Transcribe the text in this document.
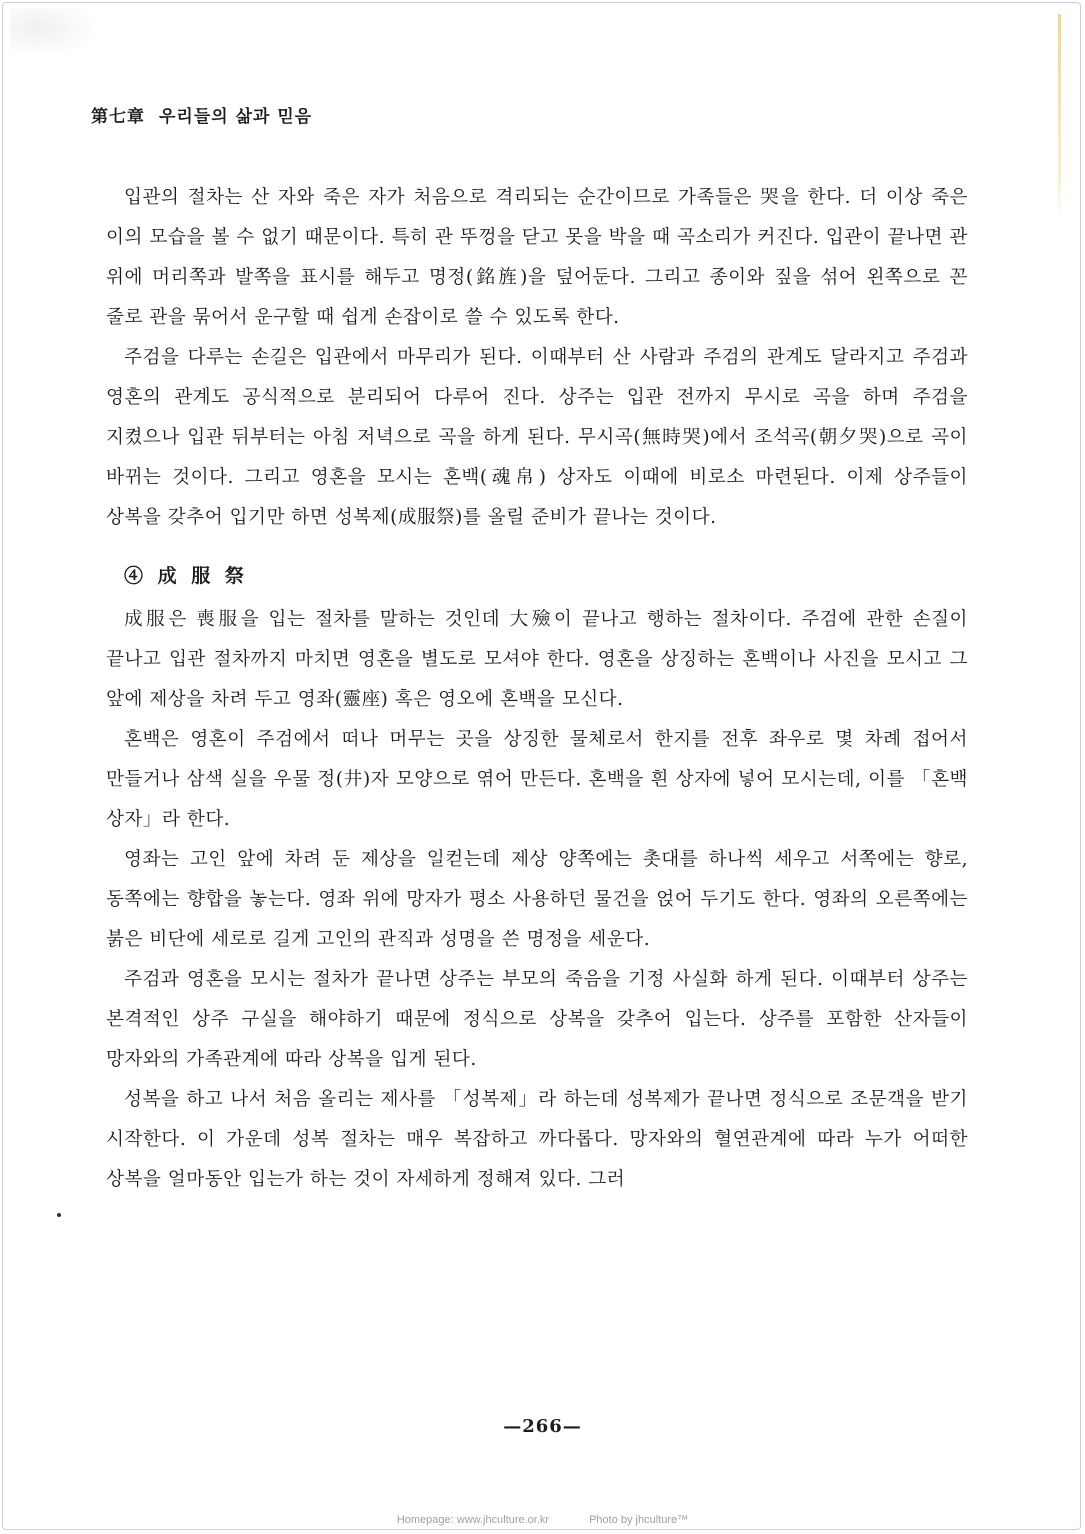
第七章 우리들의 삶과 믿음

입관의 절차는 산 자와 죽은 자가 처음으로 격리되는 순간이므로 가족들은 哭을 한다. 더 이상 죽은 이의 모습을 볼 수 없기 때문이다. 특히 관 뚜껑을 닫고 못을 박을 때 곡소리가 커진다. 입관이 끝나면 관 위에 머리쪽과 발쪽을 표시를 해두고 명정(銘旌)을 덮어둔다. 그리고 종이와 짚을 섞어 왼쪽으로 꼰 줄로 관을 묶어서 운구할 때 쉽게 손잡이로 쓸 수 있도록 한다.

주검을 다루는 손길은 입관에서 마무리가 된다. 이때부터 산 사람과 주검의 관계도 달라지고 주검과 영혼의 관계도 공식적으로 분리되어 다루어 진다. 상주는 입관 전까지 무시로 곡을 하며 주검을 지켰으나 입관 뒤부터는 아침 저녁으로 곡을 하게 된다. 무시곡(無時哭)에서 조석곡(朝夕哭)으로 곡이 바뀌는 것이다. 그리고 영혼을 모시는 혼백(魂帛) 상자도 이때에 비로소 마련된다. 이제 상주들이 상복을 갖추어 입기만 하면 성복제(成服祭)를 올릴 준비가 끝나는 것이다.

④ 成 服 祭

成服은 喪服을 입는 절차를 말하는 것인데 大殮이 끝나고 행하는 절차이다. 주검에 관한 손질이 끝나고 입관 절차까지 마치면 영혼을 별도로 모셔야 한다. 영혼을 상징하는 혼백이나 사진을 모시고 그 앞에 제상을 차려 두고 영좌(靈座) 혹은 영오에 혼백을 모신다.

혼백은 영혼이 주검에서 떠나 머무는 곳을 상징한 물체로서 한지를 전후 좌우로 몇 차례 접어서 만들거나 삼색 실을 우물 정(井)자 모양으로 엮어 만든다. 혼백을 흰 상자에 넣어 모시는데, 이를 「혼백 상자」라 한다.

영좌는 고인 앞에 차려 둔 제상을 일컫는데 제상 양쪽에는 촛대를 하나씩 세우고 서쪽에는 향로, 동쪽에는 향합을 놓는다. 영좌 위에 망자가 평소 사용하던 물건을 얹어 두기도 한다. 영좌의 오른쪽에는 붉은 비단에 세로로 길게 고인의 관직과 성명을 쓴 명정을 세운다.

주검과 영혼을 모시는 절차가 끝나면 상주는 부모의 죽음을 기정 사실화 하게 된다. 이때부터 상주는 본격적인 상주 구실을 해야하기 때문에 정식으로 상복을 갖추어 입는다. 상주를 포함한 산자들이 망자와의 가족관계에 따라 상복을 입게 된다.

성복을 하고 나서 처음 올리는 제사를 「성복제」라 하는데 성복제가 끝나면 정식으로 조문객을 받기 시작한다. 이 가운데 성복 절차는 매우 복잡하고 까다롭다. 망자와의 혈연관계에 따라 누가 어떠한 상복을 얼마동안 입는가 하는 것이 자세하게 정해져 있다. 그러

—266—
Homepage: www.jhculture.or.kr	Photo by jhculture™
